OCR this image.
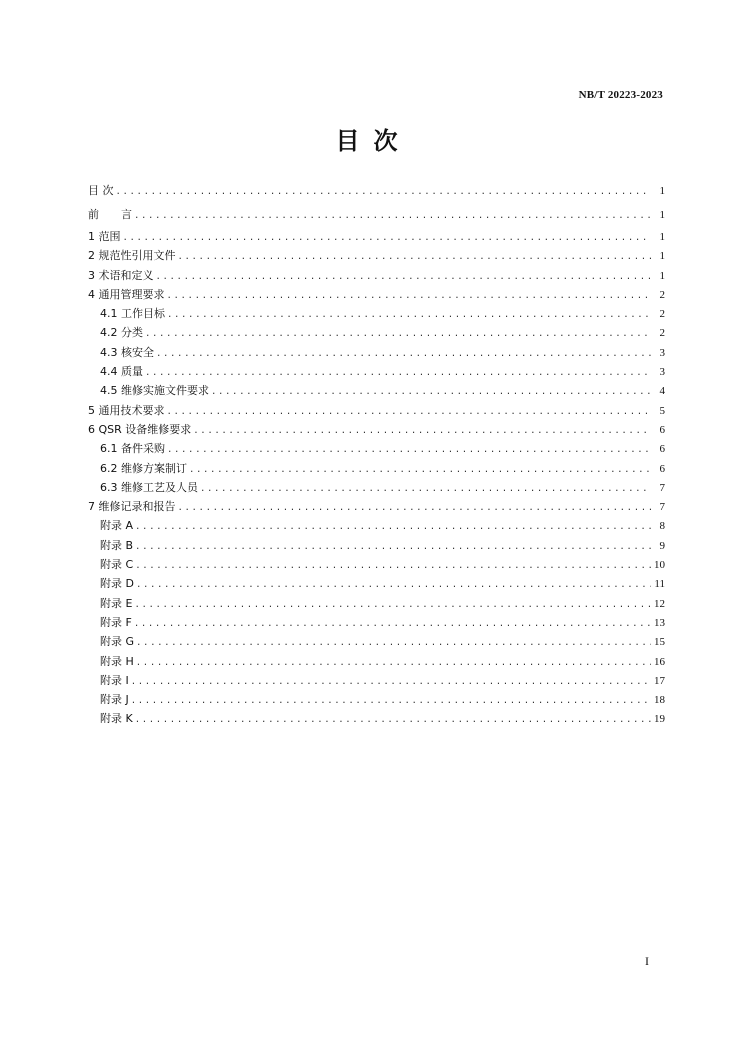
NB/T 20223-2023
目次
目 次 .....	1
前　　言 .....	1
1 范围 .....	1
2 规范性引用文件 .....	1
3 术语和定义 .....	1
4 通用管理要求 .....	2
4.1 工作目标 .....	2
4.2 分类 .....	2
4.3 核安全 .....	3
4.4 质量 .....	3
4.5 维修实施文件要求 .....	4
5 通用技术要求 .....	5
6 QSR 设备维修要求 .....	6
6.1 备件采购 .....	6
6.2 维修方案制订 .....	6
6.3 维修工艺及人员 .....	7
7 维修记录和报告 .....	7
附录 A .....	8
附录 B .....	9
附录 C .....	10
附录 D .....	11
附录 E .....	12
附录 F .....	13
附录 G .....	15
附录 H .....	16
附录 I .....	17
附录 J .....	18
附录 K .....	19
I
